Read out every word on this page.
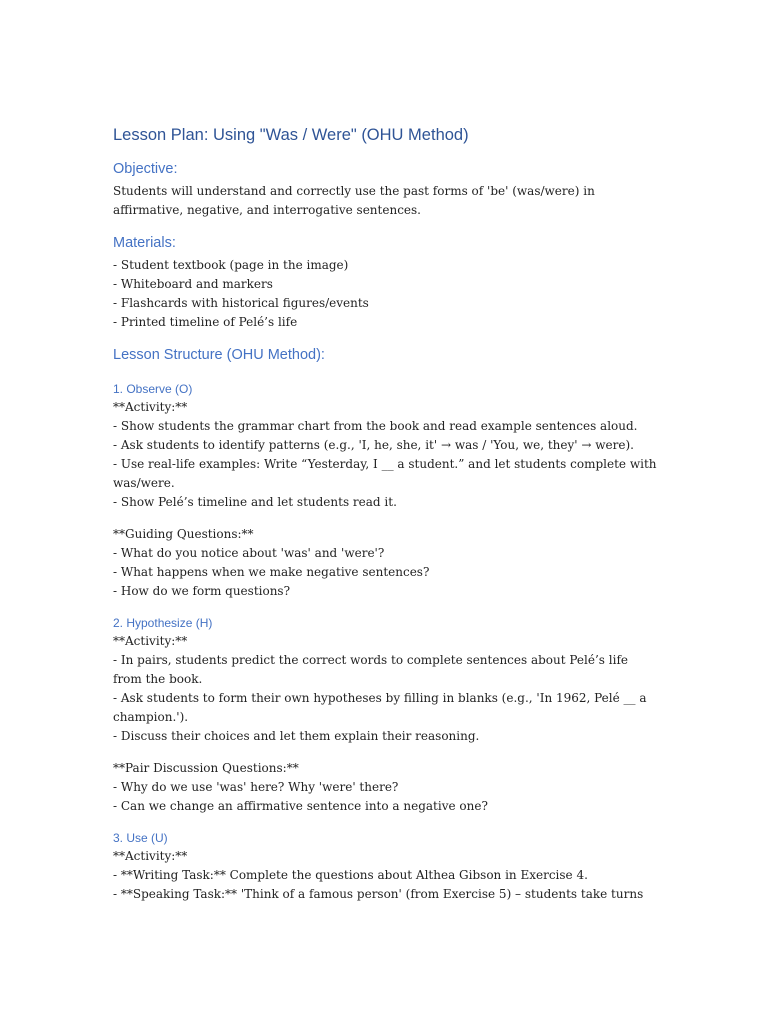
Lesson Plan: Using "Was / Were" (OHU Method)
Objective:

Students will understand and correctly use the past forms of 'be' (was/were) in affirmative, negative, and interrogative sentences.

Materials:
- Student textbook (page in the image)
- Whiteboard and markers
- Flashcards with historical figures/events
- Printed timeline of Pelé’s life
Lesson Structure (OHU Method):
1. Observe (O)
**Activity:**
- Show students the grammar chart from the book and read example sentences aloud.
- Ask students to identify patterns (e.g., 'I, he, she, it' → was / 'You, we, they' → were).
- Use real-life examples: Write “Yesterday, I __ a student.” and let students complete with was/were.
- Show Pelé’s timeline and let students read it.
**Guiding Questions:**
- What do you notice about 'was' and 'were'?
- What happens when we make negative sentences?
- How do we form questions?
2. Hypothesize (H)
**Activity:**
- In pairs, students predict the correct words to complete sentences about Pelé’s life from the book.
- Ask students to form their own hypotheses by filling in blanks (e.g., 'In 1962, Pelé __ a champion.').
- Discuss their choices and let them explain their reasoning.
**Pair Discussion Questions:**
- Why do we use 'was' here? Why 'were' there?
- Can we change an affirmative sentence into a negative one?
3. Use (U)
**Activity:**
- **Writing Task:** Complete the questions about Althea Gibson in Exercise 4.
- **Speaking Task:** 'Think of a famous person' (from Exercise 5) – students take turns
